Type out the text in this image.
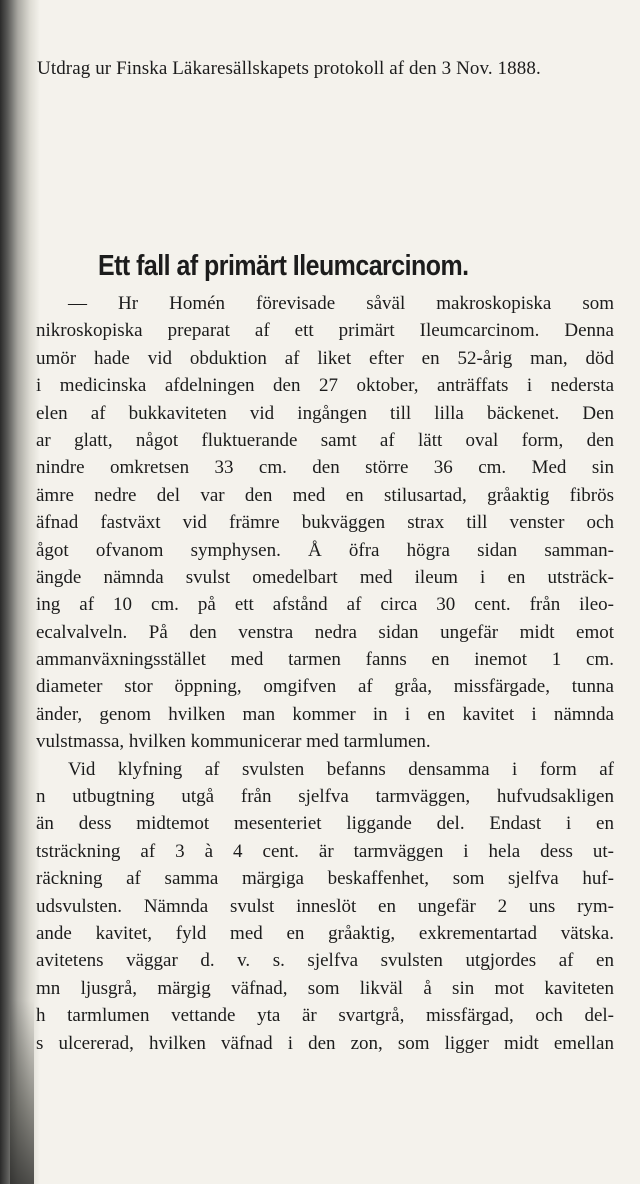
Utdrag ur Finska Läkaresällskapets protokoll af den 3 Nov. 1888.
Ett fall af primärt Ileumcarcinom.
— Hr Homén förevisade såväl makroskopiska som
nikroskopiska preparat af ett primärt Ileumcarcinom. Denna
umör hade vid obduktion af liket efter en 52-årig man, död
i medicinska afdelningen den 27 oktober, anträffats i nedersta
elen af bukkaviteten vid ingången till lilla bäckenet. Den
ar glatt, något fluktuerande samt af lätt oval form, den
nindre omkretsen 33 cm. den större 36 cm. Med sin
ämre nedre del var den med en stilusartad, gråaktig fibrös
äfnad fastväxt vid främre bukväggen strax till venster och
ågot ofvanom symphysen. Å öfra högra sidan samman-
ängde nämnda svulst omedelbart med ileum i en utsträck-
ing af 10 cm. på ett afstånd af circa 30 cent. från ileo-
ecalvalveln. På den venstra nedra sidan ungefär midt emot
ammanväxningsstället med tarmen fanns en inemot 1 cm.
diameter stor öppning, omgifven af gråa, missfärgade, tunna
änder, genom hvilken man kommer in i en kavitet i nämnda
vulstmassa, hvilken kommunicerar med tarmlumen.
Vid klyfning af svulsten befanns densamma i form af
n utbugtning utgå från sjelfva tarmväggen, hufvudsakligen
än dess midtemot mesenteriet liggande del. Endast i en
tsträckning af 3 à 4 cent. är tarmväggen i hela dess ut-
räckning af samma märgiga beskaffenhet, som sjelfva huf-
udsvulsten. Nämnda svulst inneslöt en ungefär 2 uns rym-
ande kavitet, fyld med en gråaktig, exkrementartad vätska.
avitetens väggar d. v. s. sjelfva svulsten utgjordes af en
mn ljusgrå, märgig väfnad, som likväl å sin mot kaviteten
h tarmlumen vettande yta är svartgrå, missfärgad, och del-
s ulcererad, hvilken väfnad i den zon, som ligger midt emellan
